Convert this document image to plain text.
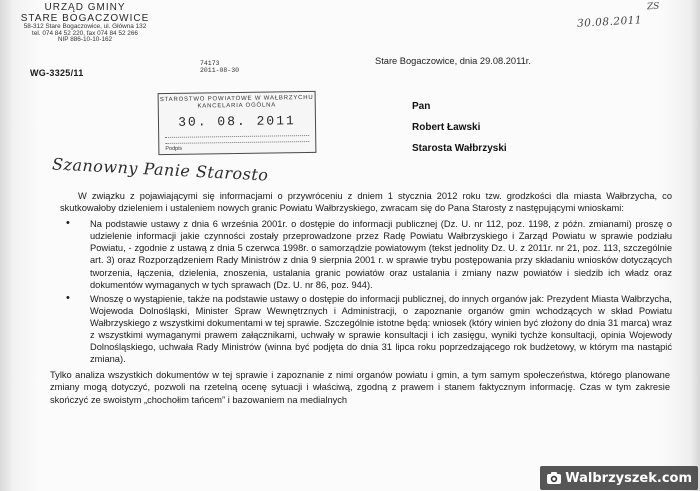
URZĄD GMINY
STARE BOGACZOWICE
58-312 Stare Bogaczowice, ul. Główna 132
tel. 074 84 52 220, fax 074 84 52 266
NIP 886-10-10-162
WG-3325/11
ZS
30.08.2011
74173
2011-08-30
Stare Bogaczowice, dnia 29.08.2011r.
STAROSTWO POWIATOWE W WAŁBRZYCHU KANCELARIA OGÓLNA
30. 08. 2011
Podpis
Pan
Robert Ławski
Starosta Wałbrzyski
Szanowny Panie Starosto

W związku z pojawiającymi się informacjami o przywróceniu z dniem 1 stycznia 2012 roku tzw. grodzkości dla miasta Wałbrzycha, co skutkowałoby dzieleniem i ustaleniem nowych granic Powiatu Wałbrzyskiego, zwracam się do Pana Starosty z następującymi wnioskami:

• Na podstawie ustawy z dnia 6 września 2001r. o dostępie do informacji publicznej (Dz. U. nr 112, poz. 1198, z późn. zmianami) proszę o udzielenie informacji jakie czynności zostały przeprowadzone przez Radę Powiatu Wałbrzyskiego i Zarząd Powiatu w sprawie podziału Powiatu, - zgodnie z ustawą z dnia 5 czerwca 1998r. o samorządzie powiatowym (tekst jednolity Dz. U. z 2011r. nr 21, poz. 113, szczególnie art. 3) oraz Rozporządzeniem Rady Ministrów z dnia 9 sierpnia 2001 r. w sprawie trybu postępowania przy składaniu wniosków dotyczących tworzenia, łączenia, dzielenia, znoszenia, ustalania granic powiatów oraz ustalania i zmiany nazw powiatów i siedzib ich władz oraz dokumentów wymaganych w tych sprawach (Dz. U. nr 86, poz. 944).
• Wnoszę o wystąpienie, także na podstawie ustawy o dostępie do informacji publicznej, do innych organów jak: Prezydent Miasta Wałbrzycha, Wojewoda Dolnośląski, Minister Spraw Wewnętrznych i Administracji, o zapoznanie organów gmin wchodzących w skład Powiatu Wałbrzyskiego z wszystkimi dokumentami w tej sprawie. Szczególnie istotne będą: wniosek (który winien być złożony do dnia 31 marca) wraz z wszystkimi wymaganymi prawem załącznikami, uchwały w sprawie konsultacji i ich zasięgu, wyniki tychże konsultacji, opinia Wojewody Dolnośląskiego, uchwała Rady Ministrów (winna być podjęta do dnia 31 lipca roku poprzedzającego rok budżetowy, w którym ma nastąpić zmiana).

Tylko analiza wszystkich dokumentów w tej sprawie i zapoznanie z nimi organów powiatu i gmin, a tym samym społeczeństwa, którego planowane zmiany mogą dotyczyć, pozwoli na rzetelną ocenę sytuacji i właściwą, zgodną z prawem i stanem faktycznym informację. Czas w tym zakresie skończyć ze swoistym „chochołim tańcem” i bazowaniem na medialnych

Walbrzyszek.com
